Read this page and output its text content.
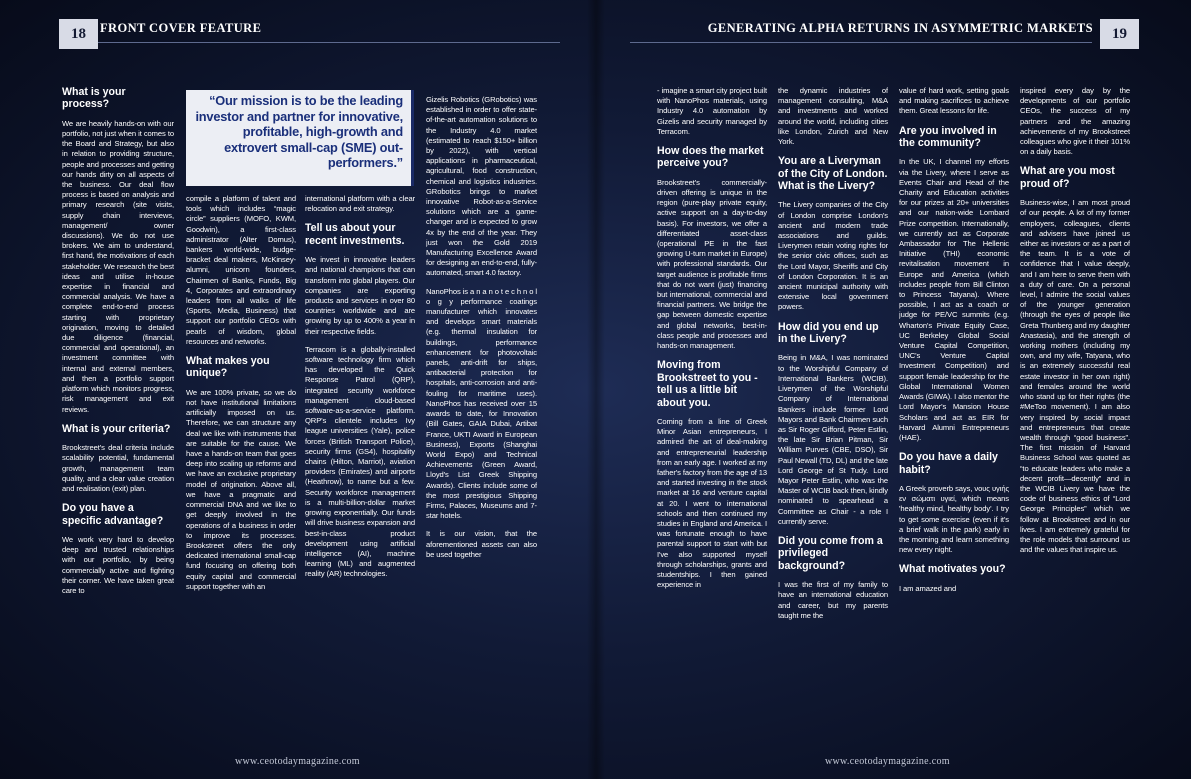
18	FRONT COVER FEATURE	GENERATING ALPHA RETURNS IN ASYMMETRIC MARKETS	19
“Our mission is to be the leading investor and partner for innovative, profitable, high-growth and extrovert small-cap (SME) out-performers.”
What is your process?

We are heavily hands-on with our portfolio, not just when it comes to the Board and Strategy, but also in relation to providing structure, people and processes and getting our hands dirty on all aspects of the business. Our deal flow process is based on analysis and primary research (site visits, supply chain interviews, management/ owner discussions). We do not use brokers. We aim to understand, first hand, the motivations of each stakeholder. We research the best ideas and utilise in-house expertise in financial and commercial analysis. We have a complete end-to-end process starting with proprietary origination, moving to detailed due diligence (financial, commercial and operational), an investment committee with internal and external members, and then a portfolio support platform which monitors progress, risk management and exit reviews.

What is your criteria?

Brookstreet's deal criteria include scalability potential, fundamental growth, management team quality, and a clear value creation and realisation (exit) plan.

Do you have a specific advantage?

We work very hard to develop deep and trusted relationships with our portfolio, by being commercially active and fighting their corner. We have taken great care to

compile a platform of talent and tools which includes “magic circle” suppliers (MOFO, KWM, Goodwin), a first-class administrator (Alter Domus), bankers world-wide, budge-bracket deal makers, McKinsey-alumni, unicorn founders, Chairmen of Banks, Funds, Big 4, Corporates and extraordinary leaders from all walks of life (Sports, Media, Business) that support our portfolio CEOs with pearls of wisdom, global resources and networks.

What makes you unique?

We are 100% private, so we do not have institutional limitations artificially imposed on us. Therefore, we can structure any deal we like with instruments that are suitable for the cause. We have a hands-on team that goes deep into scaling up reforms and we have an exclusive proprietary model of origination. Above all, we have a pragmatic and commercial DNA and we like to get deeply involved in the operations of a business in order to improve its processes. Brookstreet offers the only dedicated international small-cap fund focusing on offering both equity capital and commercial support together with an

international platform with a clear relocation and exit strategy.

Tell us about your recent investments.

We invest in innovative leaders and national champions that can transform into global players. Our companies are exporting products and services in over 80 countries worldwide and are growing by up to 400% a year in their respective fields.

Terracom is a globally-installed software technology firm which has developed the Quick Response Patrol (QRP), integrated security workforce management cloud-based software-as-a-service platform. QRP's clientele includes Ivy league universities (Yale), police forces (British Transport Police), security firms (GS4), hospitality chains (Hilton, Marriot), aviation providers (Emirates) and airports (Heathrow), to name but a few. Security workforce management is a multi-billion-dollar market growing exponentially. Our funds will drive business expansion and best-in-class product development using artificial intelligence (AI), machine learning (ML) and augmented reality (AR) technologies.

Gizelis Robotics (GRobotics) was established in order to offer state-of-the-art automation solutions to the Industry 4.0 market (estimated to reach $150+ billion by 2022), with vertical applications in pharmaceutical, agricultural, food construction, chemical and logistics industries. GRobotics brings to market innovative Robot-as-a-Service solutions which are a game-changer and is expected to grow 4x by the end of the year. They just won the Gold 2019 Manufacturing Excellence Award for designing an end-to-end, fully-automated, smart 4.0 factory.

NanoPhos is a n a n o t e c h n o l o g y performance coatings manufacturer which innovates and develops smart materials (e.g. thermal insulation for buildings, performance enhancement for photovoltaic panels, anti-drift for ships, antibacterial protection for hospitals, anti-corrosion and anti-fouling for maritime uses). NanoPhos has received over 15 awards to date, for Innovation (Bill Gates, GAIA Dubai, Artibat France, UKTI Award in European Business), Exports (Shanghai World Expo) and Technical Achievements (Green Award, Lloyd's List Greek Shipping Awards). Clients include some of the most prestigious Shipping Firms, Palaces, Museums and 7-star hotels.

It is our vision, that the aforementioned assets can also be used together

- imagine a smart city project built with NanoPhos materials, using Industry 4.0 automation by Gizelis and security managed by Terracom.

How does the market perceive you?

Brookstreet's commercially-driven offering is unique in the region (pure-play private equity, active support on a day-to-day basis). For investors, we offer a differentiated asset-class (operational PE in the fast growing U-turn market in Europe) with professional standards. Our target audience is profitable firms that do not want (just) financing but international, commercial and financial partners. We bridge the gap between domestic expertise and global networks, best-in-class people and processes and hands-on management.

Moving from Brookstreet to you - tell us a little bit about you.

Coming from a line of Greek Minor Asian entrepreneurs, I admired the art of deal-making and entrepreneurial leadership from an early age. I worked at my father's factory from the age of 13 and started investing in the stock market at 16 and venture capital at 20. I went to international schools and then continued my studies in England and America. I was fortunate enough to have parental support to start with but I've also supported myself through scholarships, grants and studentships. I then gained experience in

the dynamic industries of management consulting, M&A and investments and worked around the world, including cities like London, Zurich and New York.

You are a Liveryman of the City of London. What is the Livery?

The Livery companies of the City of London comprise London's ancient and modern trade associations and guilds. Liverymen retain voting rights for the senior civic offices, such as the Lord Mayor, Sheriffs and City of London Corporation. It is an ancient municipal authority with extensive local government powers.

How did you end up in the Livery?

Being in M&A, I was nominated to the Worshipful Company of International Bankers (WCIB). Liverymen of the Worshipful Company of International Bankers include former Lord Mayors and Bank Chairmen such as Sir Roger Gifford, Peter Estlin, the late Sir Brian Pitman, Sir William Purves (CBE, DSO), Sir Paul Newall (TD, DL) and the late Lord George of St Tudy. Lord Mayor Peter Estlin, who was the Master of WCIB back then, kindly nominated to spearhead a Committee as Chair - a role I currently serve.

Did you come from a privileged background?

I was the first of my family to have an international education and career, but my parents taught me the

value of hard work, setting goals and making sacrifices to achieve them. Great lessons for life.

Are you involved in the community?

In the UK, I channel my efforts via the Livery, where I serve as Events Chair and Head of the Charity and Education activities for our prizes at 20+ universities and our nation-wide Lombard Prize competition. Internationally, we currently act as Corporate Ambassador for The Hellenic Initiative (THI) economic revitalisation movement in Europe and America (which includes people from Bill Clinton to Princess Tatyana). Where possible, I act as a coach or judge for PE/VC summits (e.g. Wharton's Private Equity Case, UC Berkeley Global Social Venture Capital Competition, UNC's Venture Capital Investment Competition) and support female leadership for the Global International Women Awards (GIWA). I also mentor the Lord Mayor's Mansion House Scholars and act as EIR for Harvard Alumni Entrepreneurs (HAE).

Do you have a daily habit?

A Greek proverb says, νους υγιής εν σώματι υγιεί, which means 'healthy mind, healthy body'. I try to get some exercise (even if it's a brief walk in the park) early in the morning and learn something new every night.

What motivates you?

I am amazed and

inspired every day by the developments of our portfolio CEOs, the success of my partners and the amazing achievements of my Brookstreet colleagues who give it their 101% on a daily basis.

What are you most proud of?

Business-wise, I am most proud of our people. A lot of my former employers, colleagues, clients and advisers have joined us either as investors or as a part of the team. It is a vote of confidence that I value deeply, and I am here to serve them with a duty of care. On a personal level, I admire the social values of the younger generation (through the eyes of people like Greta Thunberg and my daughter Anastasia), and the strength of working mothers (including my own, and my wife, Tatyana, who is an extremely successful real estate investor in her own right) and females around the world who stand up for their rights (the #MeToo movement). I am also very inspired by social impact and entrepreneurs that create wealth through “good business”. The first mission of Harvard Business School was quoted as “to educate leaders who make a decent profit—decently” and in the WCIB Livery we have the code of business ethics of “Lord George Principles” which we follow at Brookstreet and in our lives. I am extremely grateful for the role models that surround us and the values that inspire us.

www.ceotodaymagazine.com	www.ceotodaymagazine.com
